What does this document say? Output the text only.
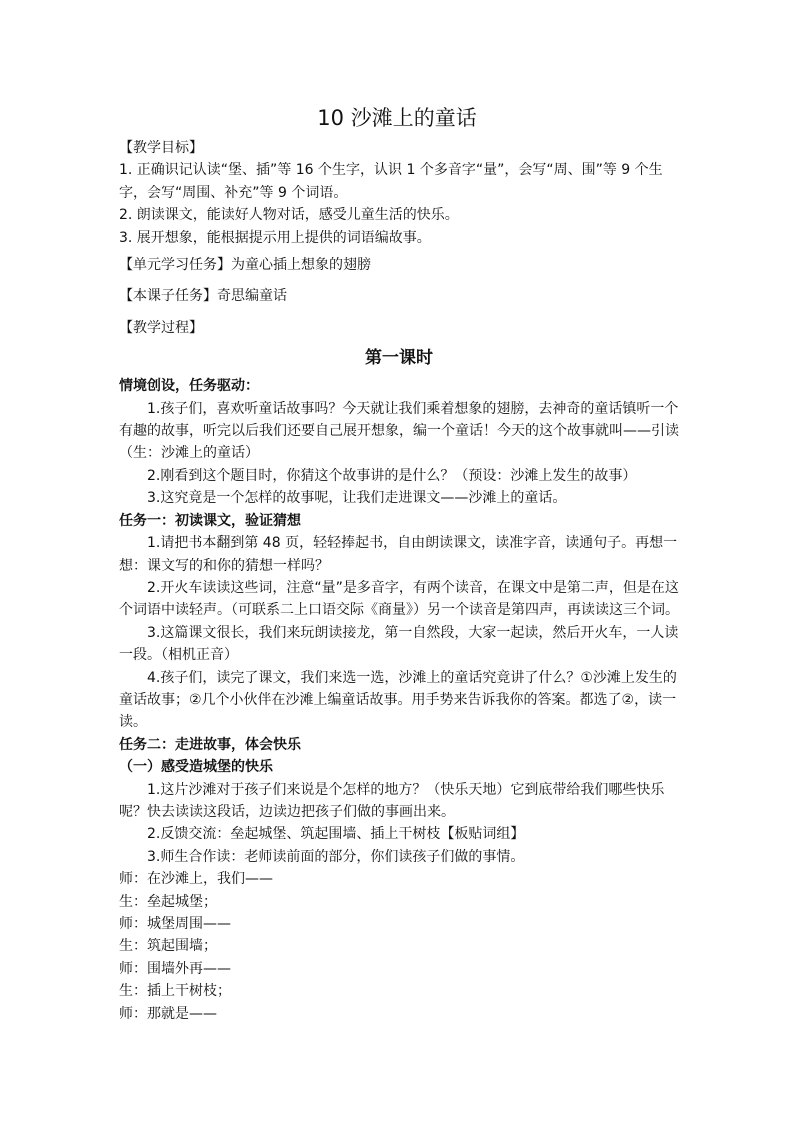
10 沙滩上的童话

【教学目标】

1. 正确识记认读“堡、插”等 16 个生字，认识 1 个多音字“量”，会写“周、围”等 9 个生字，会写“周围、补充”等 9 个词语。

2. 朗读课文，能读好人物对话，感受儿童生活的快乐。

3. 展开想象，能根据提示用上提供的词语编故事。

【单元学习任务】为童心插上想象的翅膀

【本课子任务】奇思编童话

【教学过程】

第一课时

情境创设，任务驱动：

1.孩子们，喜欢听童话故事吗？今天就让我们乘着想象的翅膀，去神奇的童话镇听一个有趣的故事，听完以后我们还要自己展开想象，编一个童话！今天的这个故事就叫——引读（生：沙滩上的童话）

2.刚看到这个题目时，你猜这个故事讲的是什么？（预设：沙滩上发生的故事）

3.这究竟是一个怎样的故事呢，让我们走进课文——沙滩上的童话。

任务一：初读课文，验证猜想

1.请把书本翻到第 48 页，轻轻捧起书，自由朗读课文，读准字音，读通句子。再想一想：课文写的和你的猜想一样吗？

2.开火车读读这些词，注意“量”是多音字，有两个读音，在课文中是第二声，但是在这个词语中读轻声。（可联系二上口语交际《商量》）另一个读音是第四声，再读读这三个词。

3.这篇课文很长，我们来玩朗读接龙，第一自然段，大家一起读，然后开火车，一人读一段。（相机正音）

4.孩子们，读完了课文，我们来选一选，沙滩上的童话究竟讲了什么？①沙滩上发生的童话故事；②几个小伙伴在沙滩上编童话故事。用手势来告诉我你的答案。都选了②，读一读。

任务二：走进故事，体会快乐

（一）感受造城堡的快乐

1.这片沙滩对于孩子们来说是个怎样的地方？（快乐天地）它到底带给我们哪些快乐呢？快去读读这段话，边读边把孩子们做的事画出来。

2.反馈交流：垒起城堡、筑起围墙、插上干树枝【板贴词组】

3.师生合作读：老师读前面的部分，你们读孩子们做的事情。

师：在沙滩上，我们——

生：垒起城堡；

师：城堡周围——

生：筑起围墙；

师：围墙外再——

生：插上干树枝；

师：那就是——
